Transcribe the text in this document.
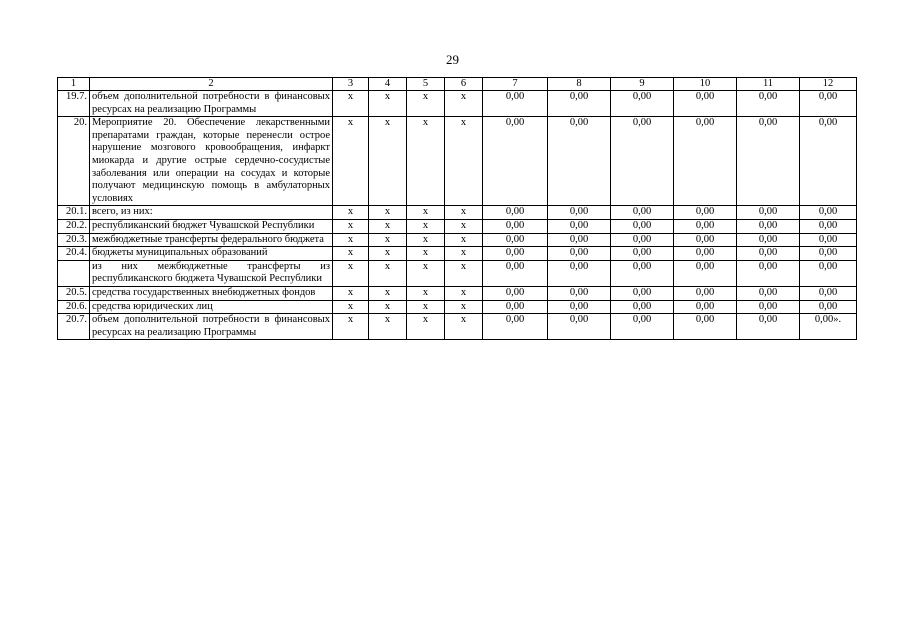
29
1	2	3	4	5	6	7	8	9	10	11	12
19.7.	объем дополнительной потребности в финансовых ресурсах на реализацию Программы	x	x	x	x	0,00	0,00	0,00	0,00	0,00	0,00
20.	Мероприятие 20. Обеспечение лекарственными препаратами граждан, которые перенесли острое нарушение мозгового кровообращения, инфаркт миокарда и другие острые сердечно-сосудистые заболевания или операции на сосудах и которые получают медицинскую помощь в амбулаторных условиях	x	x	x	x	0,00	0,00	0,00	0,00	0,00	0,00
20.1.	всего, из них:	x	x	x	x	0,00	0,00	0,00	0,00	0,00	0,00
20.2.	республиканский бюджет Чувашской Республики	x	x	x	x	0,00	0,00	0,00	0,00	0,00	0,00
20.3.	межбюджетные трансферты федерального бюджета	x	x	x	x	0,00	0,00	0,00	0,00	0,00	0,00
20.4.	бюджеты муниципальных образований	x	x	x	x	0,00	0,00	0,00	0,00	0,00	0,00
	из них межбюджетные трансферты из республиканского бюджета Чувашской Республики	x	x	x	x	0,00	0,00	0,00	0,00	0,00	0,00
20.5.	средства государственных внебюджетных фондов	x	x	x	x	0,00	0,00	0,00	0,00	0,00	0,00
20.6.	средства юридических лиц	x	x	x	x	0,00	0,00	0,00	0,00	0,00	0,00
20.7.	объем дополнительной потребности в финансовых ресурсах на реализацию Программы	x	x	x	x	0,00	0,00	0,00	0,00	0,00	0,00».
